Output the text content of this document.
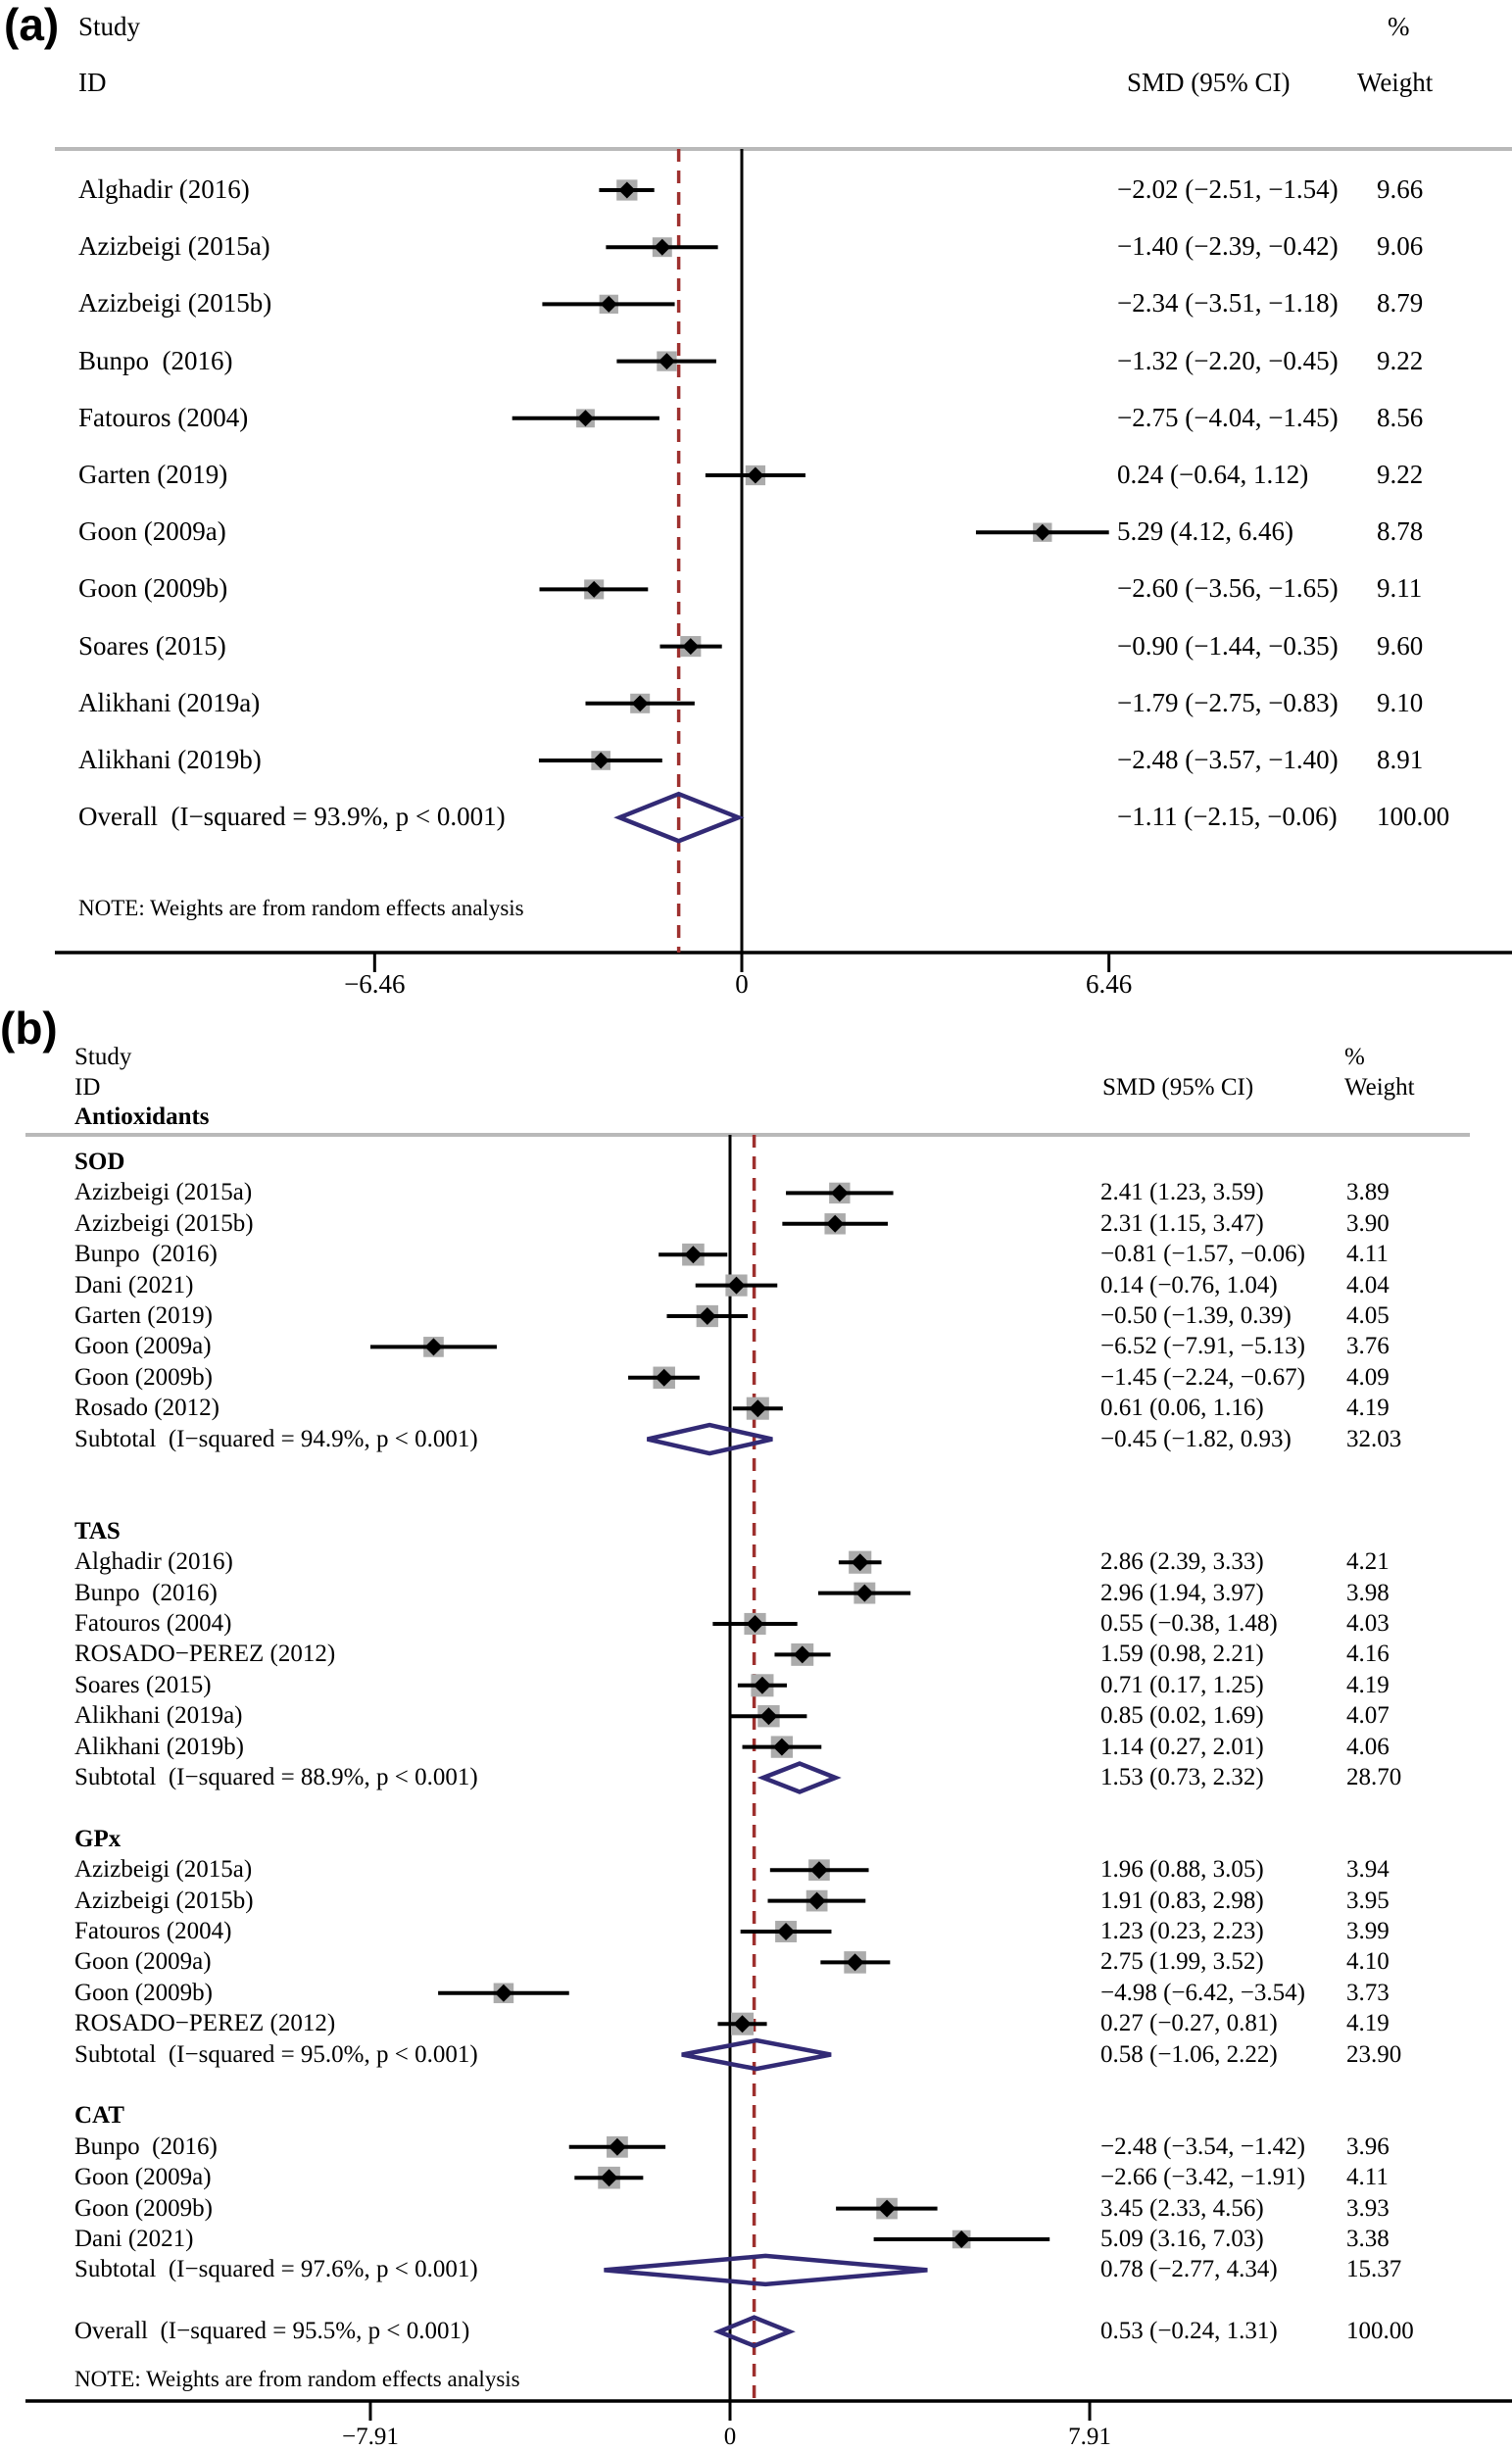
−6.46	0	6.46
Alghadir (2016)	−2.02 (−2.51, −1.54) 9.66
Azizbeigi (2015a)	−1.40 (−2.39, −0.42) 9.06
Azizbeigi (2015b)	−2.34 (−3.51, −1.18) 8.79
Bunpo  (2016)	−1.32 (−2.20, −0.45) 9.22
Fatouros (2004)	−2.75 (−4.04, −1.45) 8.56
Garten (2019)	0.24 (−0.64, 1.12)	9.22
Goon (2009a)	5.29 (4.12, 6.46)	8.78
Goon (2009b)	−2.60 (−3.56, −1.65) 9.11
Soares (2015)	−0.90 (−1.44, −0.35) 9.60
Alikhani (2019a)	−1.79 (−2.75, −0.83) 9.10
Alikhani (2019b)	−2.48 (−3.57, −1.40) 8.91
Overall  (I−squared = 93.9%, p < 0.001)	−1.11 (−2.15, −0.06) 100.00
−7.91	0	7.91
SOD
Azizbeigi (2015a)	2.41 (1.23, 3.59)	3.89
Azizbeigi (2015b)	2.31 (1.15, 3.47)	3.90
Bunpo  (2016)	−0.81 (−1.57, −0.06) 4.11
Dani (2021)	0.14 (−0.76, 1.04)	4.04
Garten (2019)	−0.50 (−1.39, 0.39) 4.05
Goon (2009a)	−6.52 (−7.91, −5.13) 3.76
Goon (2009b)	−1.45 (−2.24, −0.67) 4.09
Rosado (2012)	0.61 (0.06, 1.16)	4.19
Subtotal  (I−squared = 94.9%, p < 0.001)	−0.45 (−1.82, 0.93) 32.03
TAS
Alghadir (2016)	2.86 (2.39, 3.33)	4.21
Bunpo  (2016)	2.96 (1.94, 3.97)	3.98
Fatouros (2004)	0.55 (−0.38, 1.48)	4.03
ROSADO−PEREZ (2012)	1.59 (0.98, 2.21)	4.16
Soares (2015)	0.71 (0.17, 1.25)	4.19
Alikhani (2019a)	0.85 (0.02, 1.69)	4.07
Alikhani (2019b)	1.14 (0.27, 2.01)	4.06
Subtotal  (I−squared = 88.9%, p < 0.001)	1.53 (0.73, 2.32)	28.70
GPx
Azizbeigi (2015a)	1.96 (0.88, 3.05)	3.94
Azizbeigi (2015b)	1.91 (0.83, 2.98)	3.95
Fatouros (2004)	1.23 (0.23, 2.23)	3.99
Goon (2009a)	2.75 (1.99, 3.52)	4.10
Goon (2009b)	−4.98 (−6.42, −3.54) 3.73
ROSADO−PEREZ (2012)	0.27 (−0.27, 0.81)	4.19
Subtotal  (I−squared = 95.0%, p < 0.001)	0.58 (−1.06, 2.22)	23.90
CAT
Bunpo  (2016)	−2.48 (−3.54, −1.42) 3.96
Goon (2009a)	−2.66 (−3.42, −1.91) 4.11
Goon (2009b)	3.45 (2.33, 4.56)	3.93
Dani (2021)	5.09 (3.16, 7.03)	3.38
Subtotal  (I−squared = 97.6%, p < 0.001)	0.78 (−2.77, 4.34)	15.37
Overall  (I−squared = 95.5%, p < 0.001)	0.53 (−0.24, 1.31)	100.00
(a) Study
ID
%
SMD (95% CI)	Weight
NOTE: Weights are from random effects analysis
(b)
Study
ID
Antioxidants
%
SMD (95% CI)	Weight
NOTE: Weights are from random effects analysis
